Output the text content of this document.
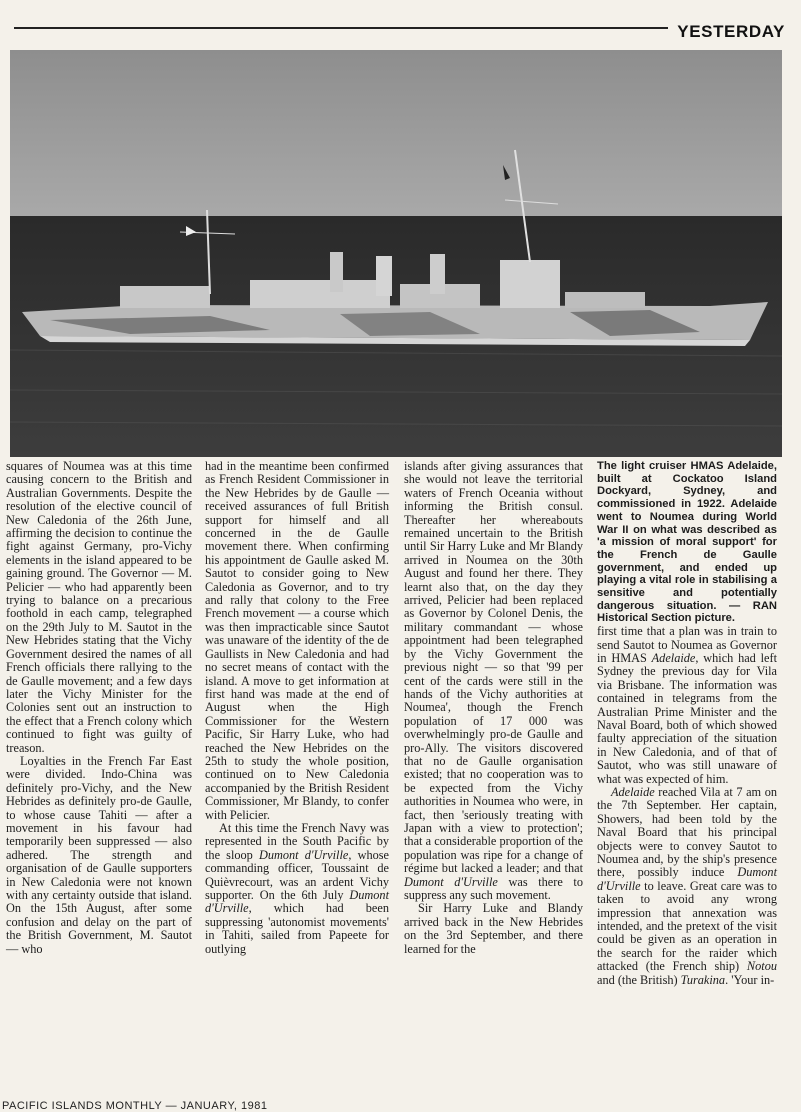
YESTERDAY

squares of Noumea was at this time causing concern to the British and Australian Governments. Despite the resolution of the elective council of New Caledonia of the 26th June, affirming the decision to continue the fight against Germany, pro-Vichy elements in the island appeared to be gaining ground. The Governor — M. Pelicier — who had apparently been trying to balance on a precarious foothold in each camp, telegraphed on the 29th July to M. Sautot in the New Hebrides stating that the Vichy Government desired the names of all French officials there rallying to the de Gaulle movement; and a few days later the Vichy Minister for the Colonies sent out an instruction to the effect that a French colony which continued to fight was guilty of treason.

Loyalties in the French Far East were divided. Indo-China was definitely pro-Vichy, and the New Hebrides as definitely pro-de Gaulle, to whose cause Tahiti — after a movement in his favour had temporarily been suppressed — also adhered. The strength and organisation of de Gaulle supporters in New Caledonia were not known with any certainty outside that island. On the 15th August, after some confusion and delay on the part of the British Government, M. Sautot — who

had in the meantime been confirmed as French Resident Commissioner in the New Hebrides by de Gaulle — received assurances of full British support for himself and all concerned in the de Gaulle movement there. When confirming his appointment de Gaulle asked M. Sautot to consider going to New Caledonia as Governor, and to try and rally that colony to the Free French movement — a course which was then impracticable since Sautot was unaware of the identity of the de Gaullists in New Caledonia and had no secret means of contact with the island. A move to get information at first hand was made at the end of August when the High Commissioner for the Western Pacific, Sir Harry Luke, who had reached the New Hebrides on the 25th to study the whole position, continued on to New Caledonia accompanied by the British Resident Commissioner, Mr Blandy, to confer with Pelicier.

At this time the French Navy was represented in the South Pacific by the sloop Dumont d'Urville, whose commanding officer, Toussaint de Quièvrecourt, was an ardent Vichy supporter. On the 6th July Dumont d'Urville, which had been suppressing 'autonomist movements' in Tahiti, sailed from Papeete for outlying

islands after giving assurances that she would not leave the territorial waters of French Oceania without informing the British consul. Thereafter her whereabouts remained uncertain to the British until Sir Harry Luke and Mr Blandy arrived in Noumea on the 30th August and found her there. They learnt also that, on the day they arrived, Pelicier had been replaced as Governor by Colonel Denis, the military commandant — whose appointment had been telegraphed by the Vichy Government the previous night — so that '99 per cent of the cards were still in the hands of the Vichy authorities at Noumea', though the French population of 17 000 was overwhelmingly pro-de Gaulle and pro-Ally. The visitors discovered that no de Gaulle organisation existed; that no cooperation was to be expected from the Vichy authorities in Noumea who were, in fact, then 'seriously treating with Japan with a view to protection'; that a considerable proportion of the population was ripe for a change of régime but lacked a leader; and that Dumont d'Urville was there to suppress any such movement.

Sir Harry Luke and Blandy arrived back in the New Hebrides on the 3rd September, and there learned for the

The light cruiser HMAS Adelaide, built at Cockatoo Island Dockyard, Sydney, and commissioned in 1922. Adelaide went to Noumea during World War II on what was described as 'a mission of moral support' for the French de Gaulle government, and ended up playing a vital role in stabilising a sensitive and potentially dangerous situation. — RAN Historical Section picture.

first time that a plan was in train to send Sautot to Noumea as Governor in HMAS Adelaide, which had left Sydney the previous day for Vila via Brisbane. The information was contained in telegrams from the Australian Prime Minister and the Naval Board, both of which showed faulty appreciation of the situation in New Caledonia, and of that of Sautot, who was still unaware of what was expected of him.

Adelaide reached Vila at 7 am on the 7th September. Her captain, Showers, had been told by the Naval Board that his principal objects were to convey Sautot to Noumea and, by the ship's presence there, possibly induce Dumont d'Urville to leave. Great care was to taken to avoid any wrong impression that annexation was intended, and the pretext of the visit could be given as an operation in the search for the raider which attacked (the French ship) Notou and (the British) Turakina. 'Your in-

PACIFIC ISLANDS MONTHLY — JANUARY, 1981
